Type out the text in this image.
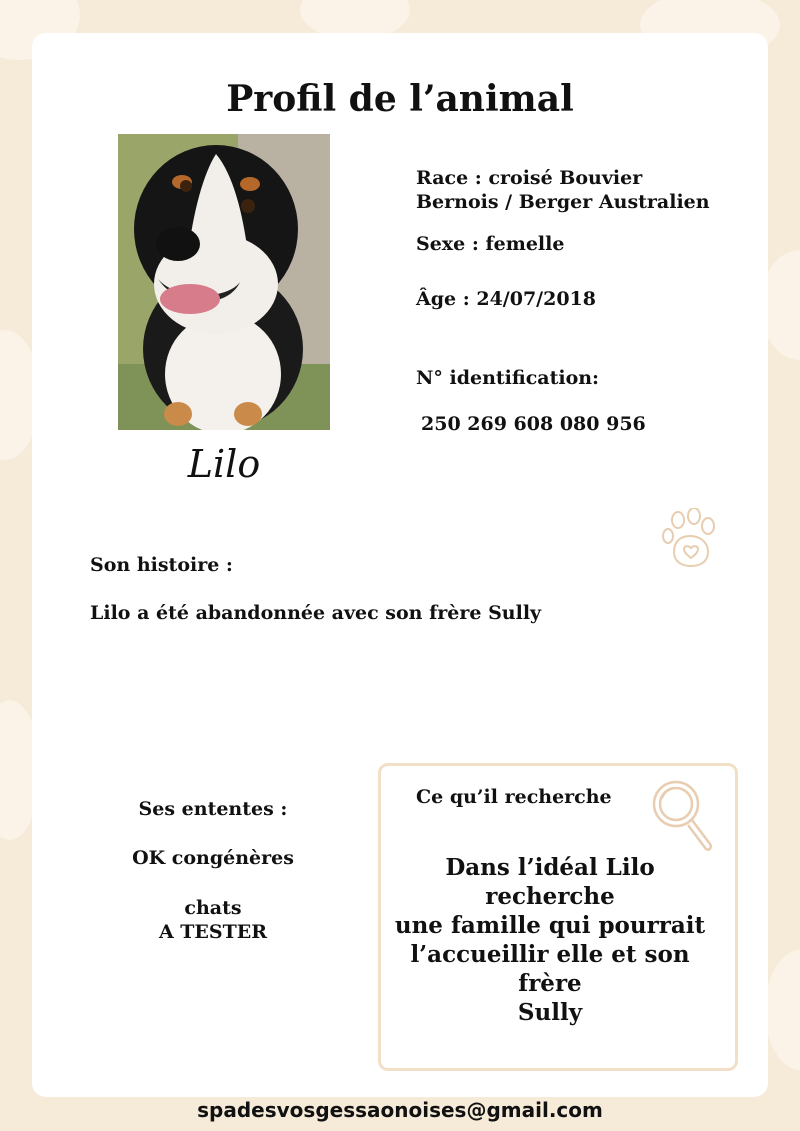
Profil de l’animal
Lilo

Race : croisé Bouvier
Bernois / Berger Australien

Sexe : femelle

Âge : 24/07/2018

N° identification:

250 269 608 080 956

Son histoire :

Lilo a été abandonnée avec son frère Sully

Ses ententes :

OK congénères

chats
A TESTER

Ce qu’il recherche

Dans l’idéal Lilo recherche
une famille qui pourrait
l’accueillir elle et son frère
Sully

spadesvosgessaonoises@gmail.com
